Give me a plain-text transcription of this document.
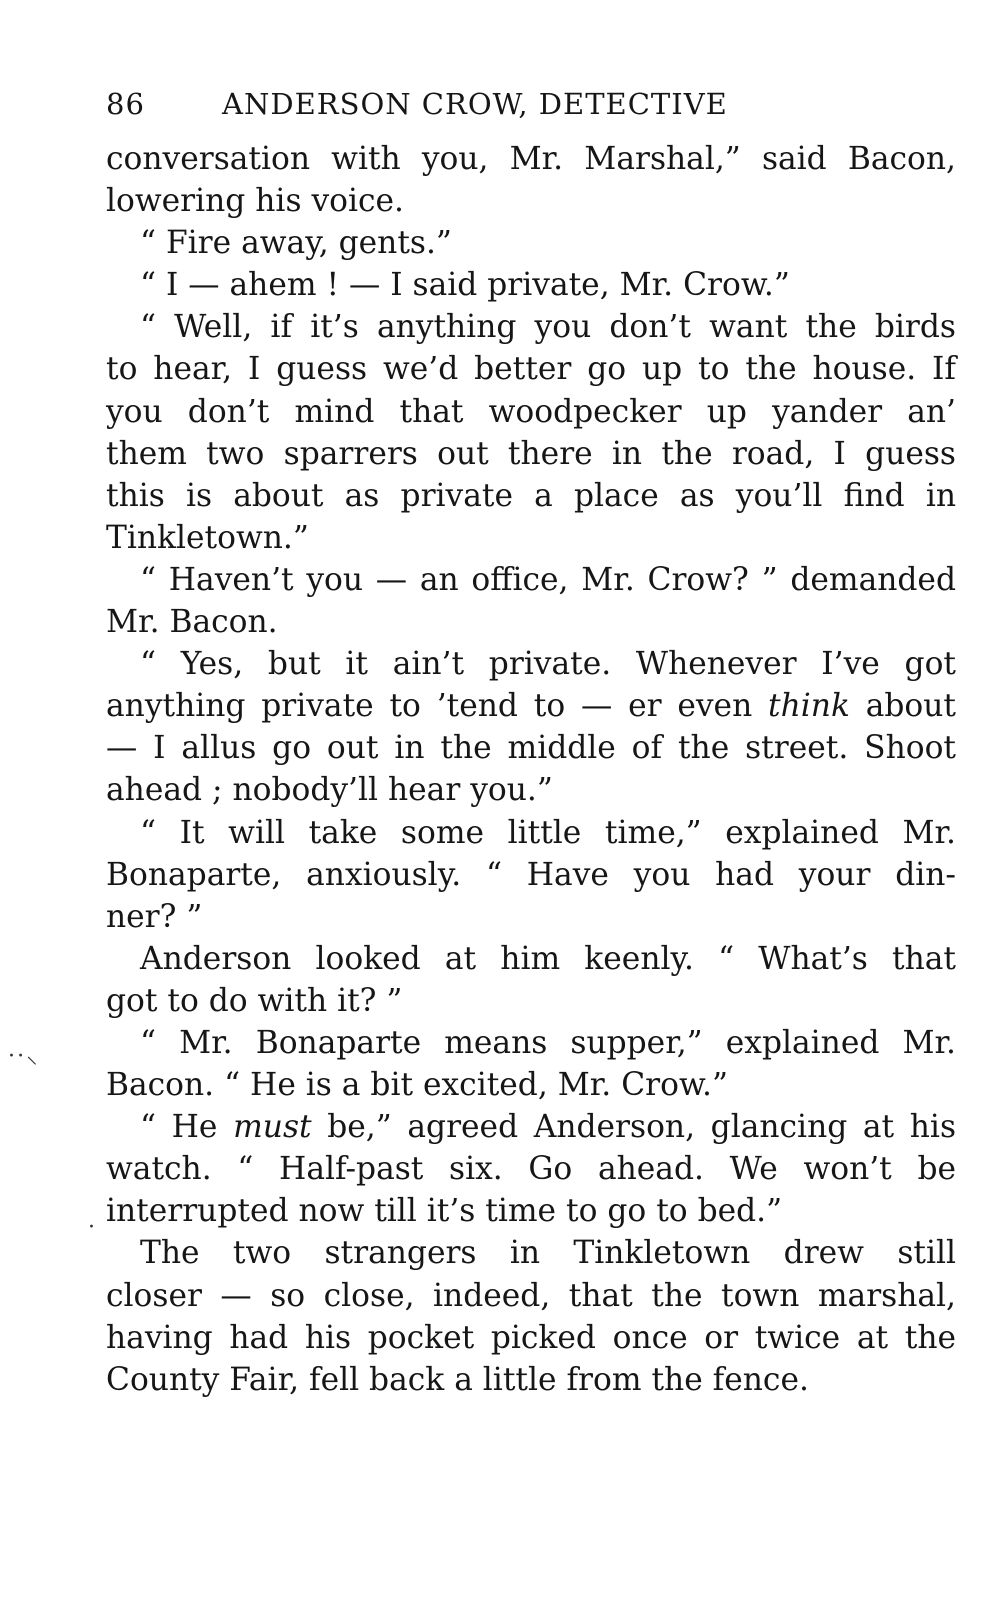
86	ANDERSON CROW, DETECTIVE

conversation with you, Mr. Marshal,” said Bacon,
lowering his voice.

“ Fire away, gents.”

“ I — ahem ! — I said private, Mr. Crow.”

“ Well, if it’s anything you don’t want the birds
to hear, I guess we’d better go up to the house. If
you don’t mind that woodpecker up yander an’
them two sparrers out there in the road, I guess
this is about as private a place as you’ll find in
Tinkletown.”

“ Haven’t you — an office, Mr. Crow? ” demanded
Mr. Bacon.

“ Yes, but it ain’t private. Whenever I’ve got
anything private to ’tend to — er even think about
— I allus go out in the middle of the street. Shoot
ahead ; nobody’ll hear you.”

“ It will take some little time,” explained Mr.
Bonaparte, anxiously. “ Have you had your din-
ner? ”

Anderson looked at him keenly. “ What’s that
got to do with it? ”

“ Mr. Bonaparte means supper,” explained Mr.
Bacon. “ He is a bit excited, Mr. Crow.”

“ He must be,” agreed Anderson, glancing at his
watch. “ Half-past six. Go ahead. We won’t be
interrupted now till it’s time to go to bed.”

The two strangers in Tinkletown drew still
closer — so close, indeed, that the town marshal,
having had his pocket picked once or twice at the
County Fair, fell back a little from the fence.

· · ⸜
·
